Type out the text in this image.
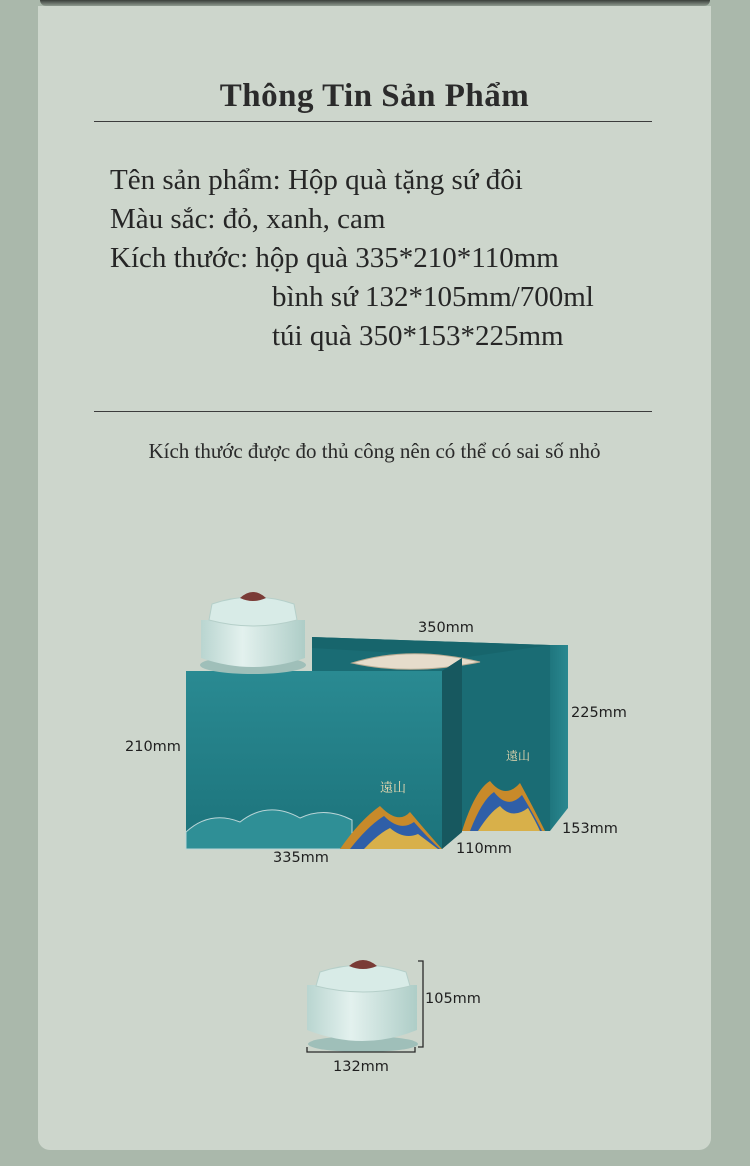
Thông Tin Sản Phẩm
Tên sản phẩm: Hộp quà tặng sứ đôi
Màu sắc: đỏ, xanh, cam
Kích thước: hộp quà 335*210*110mm
bình sứ 132*105mm/700ml
túi quà 350*153*225mm
Kích thước được đo thủ công nên có thể có sai số nhỏ
遠山
遠山
350mm
225mm
153mm
210mm
335mm
110mm
105mm
132mm
